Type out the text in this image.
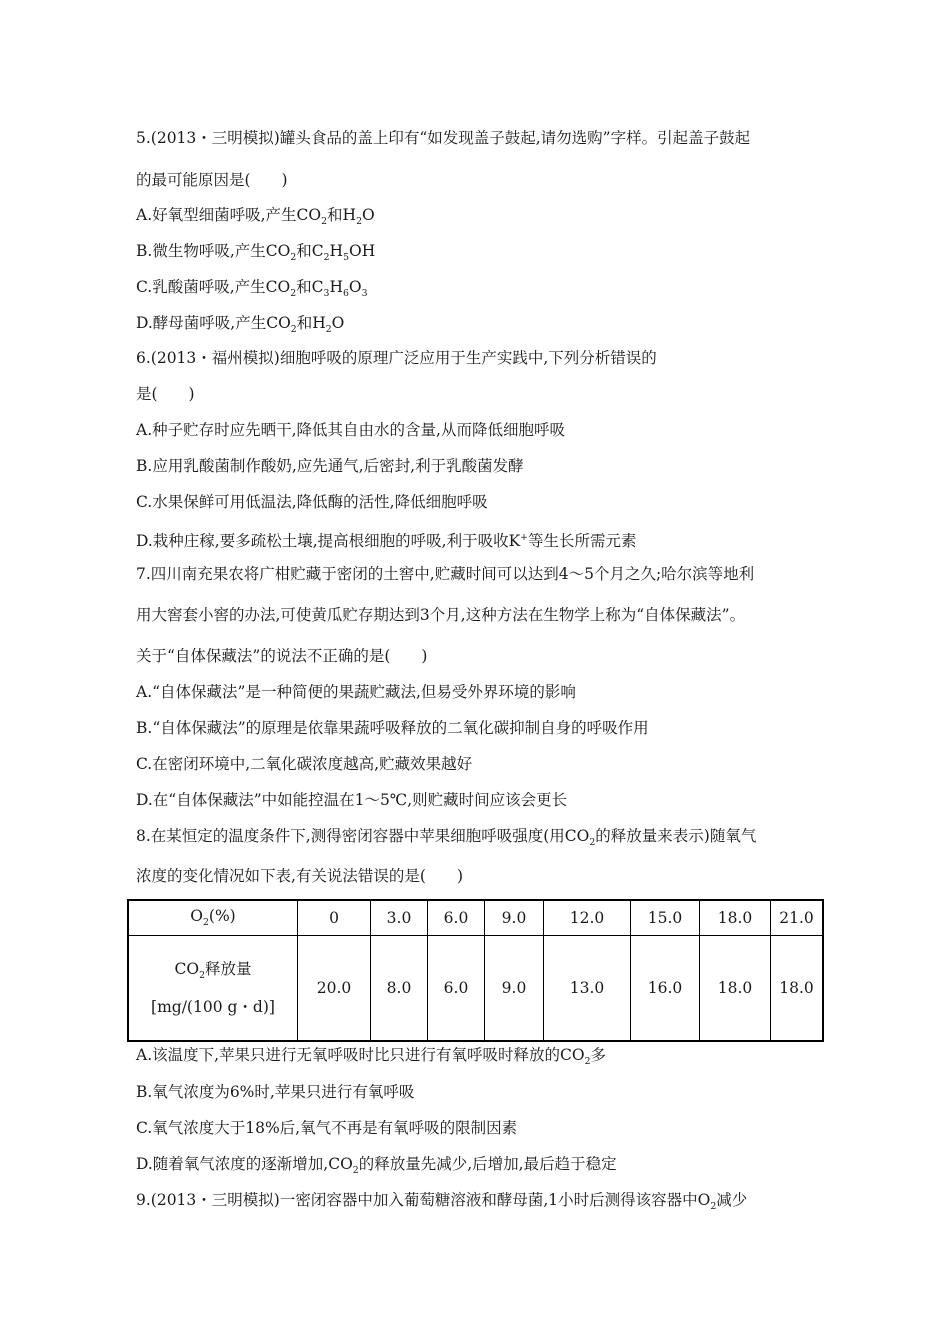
5.(2013・三明模拟)罐头食品的盖上印有“如发现盖子鼓起,请勿选购”字样。引起盖子鼓起
的最可能原因是(　　)
A.好氧型细菌呼吸,产生$CO_2$和$H_2O$
B.微生物呼吸,产生$CO_2$和$C_2H_5OH$
C.乳酸菌呼吸,产生$CO_2$和$C_3H_6O_3$
D.酵母菌呼吸,产生$CO_2$和$H_2O$
6.(2013・福州模拟)细胞呼吸的原理广泛应用于生产实践中,下列分析错误的
是(　　)
A.种子贮存时应先晒干,降低其自由水的含量,从而降低细胞呼吸
B.应用乳酸菌制作酸奶,应先通气,后密封,利于乳酸菌发酵
C.水果保鲜可用低温法,降低酶的活性,降低细胞呼吸
D.栽种庄稼,要多疏松土壤,提高根细胞的呼吸,利于吸收K+等生长所需元素
7.四川南充果农将广柑贮藏于密闭的土窖中,贮藏时间可以达到4～5个月之久;哈尔滨等地利
用大窖套小窖的办法,可使黄瓜贮存期达到3个月,这种方法在生物学上称为“自体保藏法”。
关于“自体保藏法”的说法不正确的是(　　)
A.“自体保藏法”是一种简便的果蔬贮藏法,但易受外界环境的影响
B.“自体保藏法”的原理是依靠果蔬呼吸释放的二氧化碳抑制自身的呼吸作用
C.在密闭环境中,二氧化碳浓度越高,贮藏效果越好
D.在“自体保藏法”中如能控温在1～5℃,则贮藏时间应该会更长
8.在某恒定的温度条件下,测得密闭容器中苹果细胞呼吸强度(用$CO_2$的释放量来表示)随氧气
浓度的变化情况如下表,有关说法错误的是(　　)
$O_2(\%)$	0	3.0	6.0	9.0	12.0	15.0	18.0	21.0

$CO_2$释放量
[mg/(100 g・d)]	20.0	8.0	6.0	9.0	13.0	16.0	18.0	18.0
A.该温度下,苹果只进行无氧呼吸时比只进行有氧呼吸时释放的$CO_2$多
B.氧气浓度为6%时,苹果只进行有氧呼吸
C.氧气浓度大于18%后,氧气不再是有氧呼吸的限制因素
D.随着氧气浓度的逐渐增加$,CO_2$的释放量先减少,后增加,最后趋于稳定
9.(2013・三明模拟)一密闭容器中加入葡萄糖溶液和酵母菌,1小时后测得该容器中$O_2$减少
